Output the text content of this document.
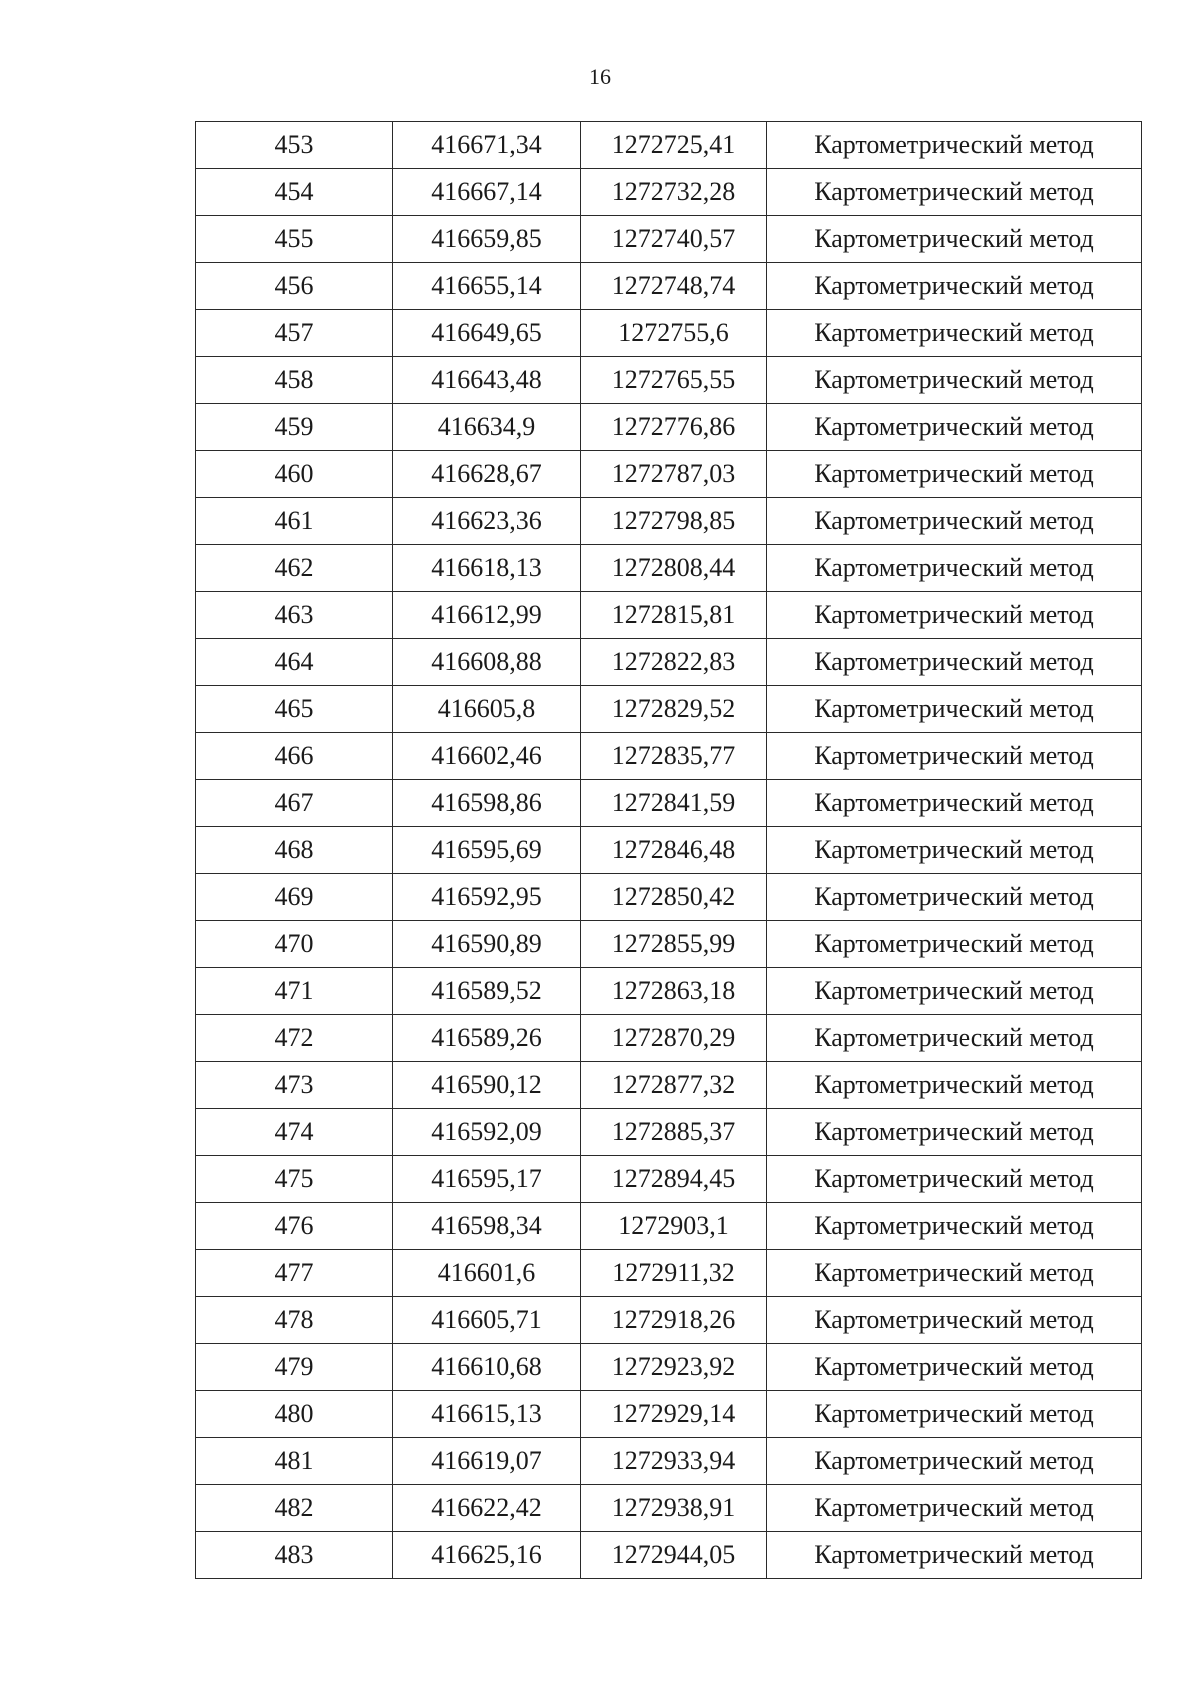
16
453	416671,34	1272725,41	Картометрический метод
454	416667,14	1272732,28	Картометрический метод
455	416659,85	1272740,57	Картометрический метод
456	416655,14	1272748,74	Картометрический метод
457	416649,65	1272755,6	Картометрический метод
458	416643,48	1272765,55	Картометрический метод
459	416634,9	1272776,86	Картометрический метод
460	416628,67	1272787,03	Картометрический метод
461	416623,36	1272798,85	Картометрический метод
462	416618,13	1272808,44	Картометрический метод
463	416612,99	1272815,81	Картометрический метод
464	416608,88	1272822,83	Картометрический метод
465	416605,8	1272829,52	Картометрический метод
466	416602,46	1272835,77	Картометрический метод
467	416598,86	1272841,59	Картометрический метод
468	416595,69	1272846,48	Картометрический метод
469	416592,95	1272850,42	Картометрический метод
470	416590,89	1272855,99	Картометрический метод
471	416589,52	1272863,18	Картометрический метод
472	416589,26	1272870,29	Картометрический метод
473	416590,12	1272877,32	Картометрический метод
474	416592,09	1272885,37	Картометрический метод
475	416595,17	1272894,45	Картометрический метод
476	416598,34	1272903,1	Картометрический метод
477	416601,6	1272911,32	Картометрический метод
478	416605,71	1272918,26	Картометрический метод
479	416610,68	1272923,92	Картометрический метод
480	416615,13	1272929,14	Картометрический метод
481	416619,07	1272933,94	Картометрический метод
482	416622,42	1272938,91	Картометрический метод
483	416625,16	1272944,05	Картометрический метод
